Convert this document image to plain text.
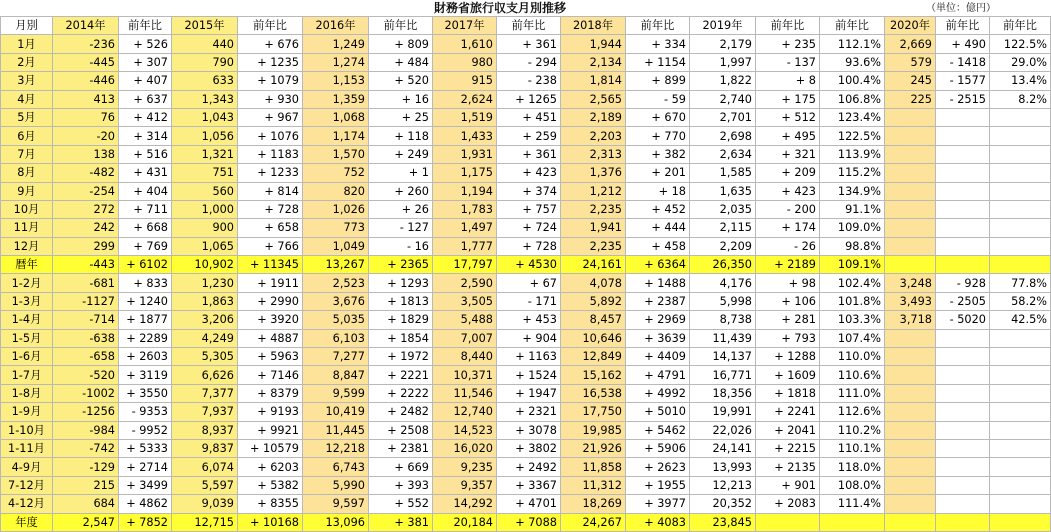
財務省旅行収支月別推移	（単位：億円）
月別	2014年	前年比	2015年	前年比	2016年	前年比	2017年	前年比	2018年	前年比	2019年	前年比	前年比	2020年	前年比	前年比
1月	-236	+ 526	440	+ 676	1,249	+ 809	1,610	+ 361	1,944	+ 334	2,179	+ 235	112.1%	2,669	+ 490	122.5%
2月	-445	+ 307	790	+ 1235	1,274	+ 484	980	- 294	2,134	+ 1154	1,997	- 137	93.6%	579	- 1418	29.0%
3月	-446	+ 407	633	+ 1079	1,153	+ 520	915	- 238	1,814	+ 899	1,822	+ 8	100.4%	245	- 1577	13.4%
4月	413	+ 637	1,343	+ 930	1,359	+ 16	2,624	+ 1265	2,565	- 59	2,740	+ 175	106.8%	225	- 2515	8.2%
5月	76	+ 412	1,043	+ 967	1,068	+ 25	1,519	+ 451	2,189	+ 670	2,701	+ 512	123.4%			
6月	-20	+ 314	1,056	+ 1076	1,174	+ 118	1,433	+ 259	2,203	+ 770	2,698	+ 495	122.5%			
7月	138	+ 516	1,321	+ 1183	1,570	+ 249	1,931	+ 361	2,313	+ 382	2,634	+ 321	113.9%			
8月	-482	+ 431	751	+ 1233	752	+ 1	1,175	+ 423	1,376	+ 201	1,585	+ 209	115.2%			
9月	-254	+ 404	560	+ 814	820	+ 260	1,194	+ 374	1,212	+ 18	1,635	+ 423	134.9%			
10月	272	+ 711	1,000	+ 728	1,026	+ 26	1,783	+ 757	2,235	+ 452	2,035	- 200	91.1%			
11月	242	+ 668	900	+ 658	773	- 127	1,497	+ 724	1,941	+ 444	2,115	+ 174	109.0%			
12月	299	+ 769	1,065	+ 766	1,049	- 16	1,777	+ 728	2,235	+ 458	2,209	- 26	98.8%			
暦年	-443	+ 6102	10,902	+ 11345	13,267	+ 2365	17,797	+ 4530	24,161	+ 6364	26,350	+ 2189	109.1%			
1-2月	-681	+ 833	1,230	+ 1911	2,523	+ 1293	2,590	+ 67	4,078	+ 1488	4,176	+ 98	102.4%	3,248	- 928	77.8%
1-3月	-1127	+ 1240	1,863	+ 2990	3,676	+ 1813	3,505	- 171	5,892	+ 2387	5,998	+ 106	101.8%	3,493	- 2505	58.2%
1-4月	-714	+ 1877	3,206	+ 3920	5,035	+ 1829	5,488	+ 453	8,457	+ 2969	8,738	+ 281	103.3%	3,718	- 5020	42.5%
1-5月	-638	+ 2289	4,249	+ 4887	6,103	+ 1854	7,007	+ 904	10,646	+ 3639	11,439	+ 793	107.4%			
1-6月	-658	+ 2603	5,305	+ 5963	7,277	+ 1972	8,440	+ 1163	12,849	+ 4409	14,137	+ 1288	110.0%			
1-7月	-520	+ 3119	6,626	+ 7146	8,847	+ 2221	10,371	+ 1524	15,162	+ 4791	16,771	+ 1609	110.6%			
1-8月	-1002	+ 3550	7,377	+ 8379	9,599	+ 2222	11,546	+ 1947	16,538	+ 4992	18,356	+ 1818	111.0%			
1-9月	-1256	- 9353	7,937	+ 9193	10,419	+ 2482	12,740	+ 2321	17,750	+ 5010	19,991	+ 2241	112.6%			
1-10月	-984	- 9952	8,937	+ 9921	11,445	+ 2508	14,523	+ 3078	19,985	+ 5462	22,026	+ 2041	110.2%			
1-11月	-742	+ 5333	9,837	+ 10579	12,218	+ 2381	16,020	+ 3802	21,926	+ 5906	24,141	+ 2215	110.1%			
4-9月	-129	+ 2714	6,074	+ 6203	6,743	+ 669	9,235	+ 2492	11,858	+ 2623	13,993	+ 2135	118.0%			
7-12月	215	+ 3499	5,597	+ 5382	5,990	+ 393	9,357	+ 3367	11,312	+ 1955	12,213	+ 901	108.0%			
4-12月	684	+ 4862	9,039	+ 8355	9,597	+ 552	14,292	+ 4701	18,269	+ 3977	20,352	+ 2083	111.4%			
年度	2,547	+ 7852	12,715	+ 10168	13,096	+ 381	20,184	+ 7088	24,267	+ 4083	23,845					
